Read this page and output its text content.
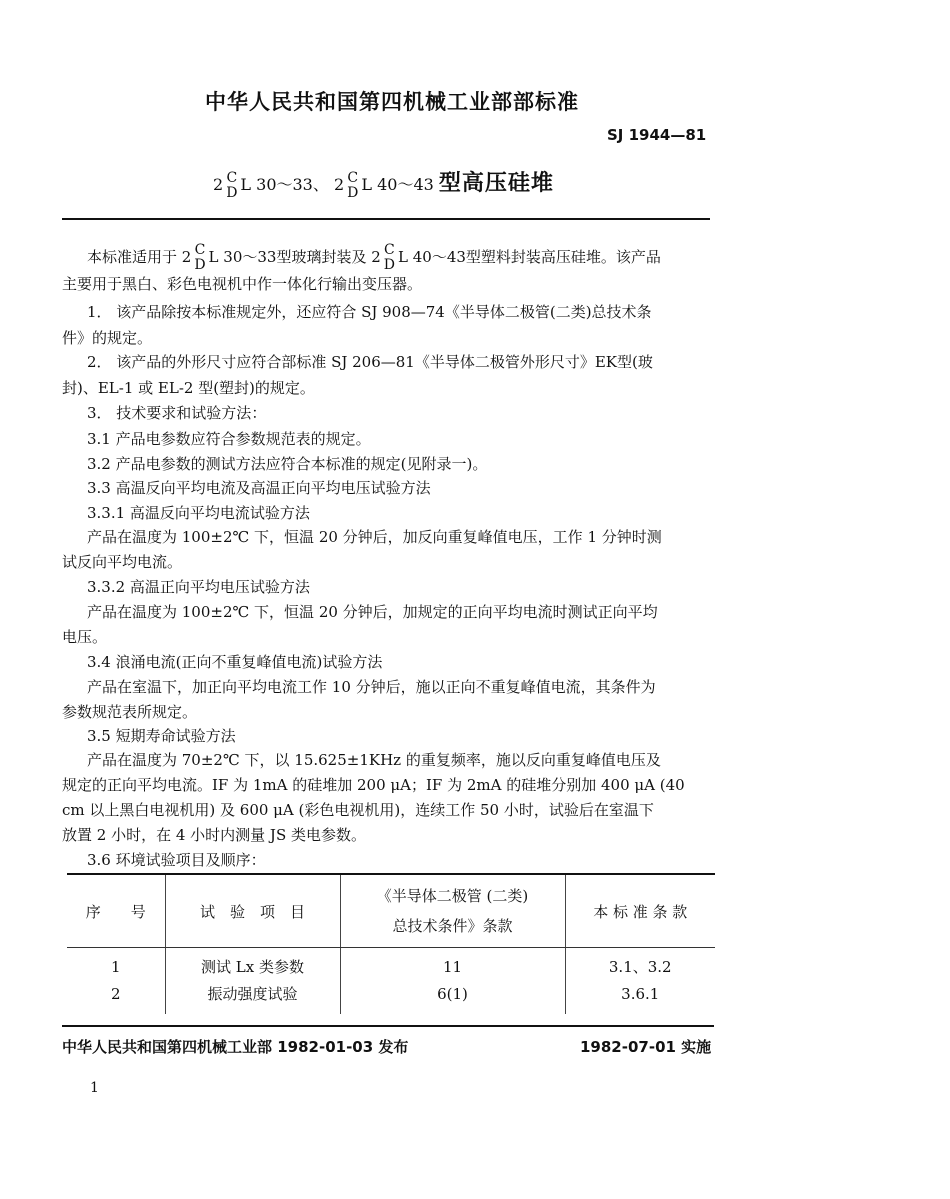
中华人民共和国第四机械工业部部标准
SJ 1944—81
2 C
D L 30～33、 2 C
D L 40～43 型高压硅堆
本标准适用于 2 C
D L 30～33型玻璃封装及 2 C
D L 40～43型塑料封装高压硅堆。该产品
主要用于黑白、彩色电视机中作一体化行输出变压器。
1． 该产品除按本标准规定外，还应符合 SJ 908—74《半导体二极管(二类)总技术条
件》的规定。
2． 该产品的外形尺寸应符合部标准 SJ 206—81《半导体二极管外形尺寸》EK型(玻
封)、EL-1 或 EL-2 型(塑封)的规定。
3． 技术要求和试验方法：
3.1 产品电参数应符合参数规范表的规定。
3.2 产品电参数的测试方法应符合本标准的规定(见附录一)。
3.3 高温反向平均电流及高温正向平均电压试验方法
3.3.1 高温反向平均电流试验方法
产品在温度为 100±2℃ 下，恒温 20 分钟后，加反向重复峰值电压，工作 1 分钟时测
试反向平均电流。
3.3.2 高温正向平均电压试验方法
产品在温度为 100±2℃ 下，恒温 20 分钟后，加规定的正向平均电流时测试正向平均
电压。
3.4 浪涌电流(正向不重复峰值电流)试验方法
产品在室温下，加正向平均电流工作 10 分钟后，施以正向不重复峰值电流，其条件为
参数规范表所规定。
3.5 短期寿命试验方法
产品在温度为 70±2℃ 下，以 15.625±1KHz 的重复频率，施以反向重复峰值电压及
规定的正向平均电流。IF 为 1mA 的硅堆加 200 μA；IF 为 2mA 的硅堆分别加 400 μA (40
cm 以上黑白电视机用) 及 600 μA (彩色电视机用)，连续工作 50 小时，试验后在室温下
放置 2 小时，在 4 小时内测量 JS 类电参数。
3.6 环境试验项目及顺序：
序　　号	试　验　项　目	《半导体二极管 (二类)
总技术条件》条款	本 标 准 条 款
1	测试 Lx 类参数	11	3.1、3.2
2	振动强度试验	6(1)	3.6.1
中华人民共和国第四机械工业部 1982-01-03 发布	1982-07-01 实施
1
